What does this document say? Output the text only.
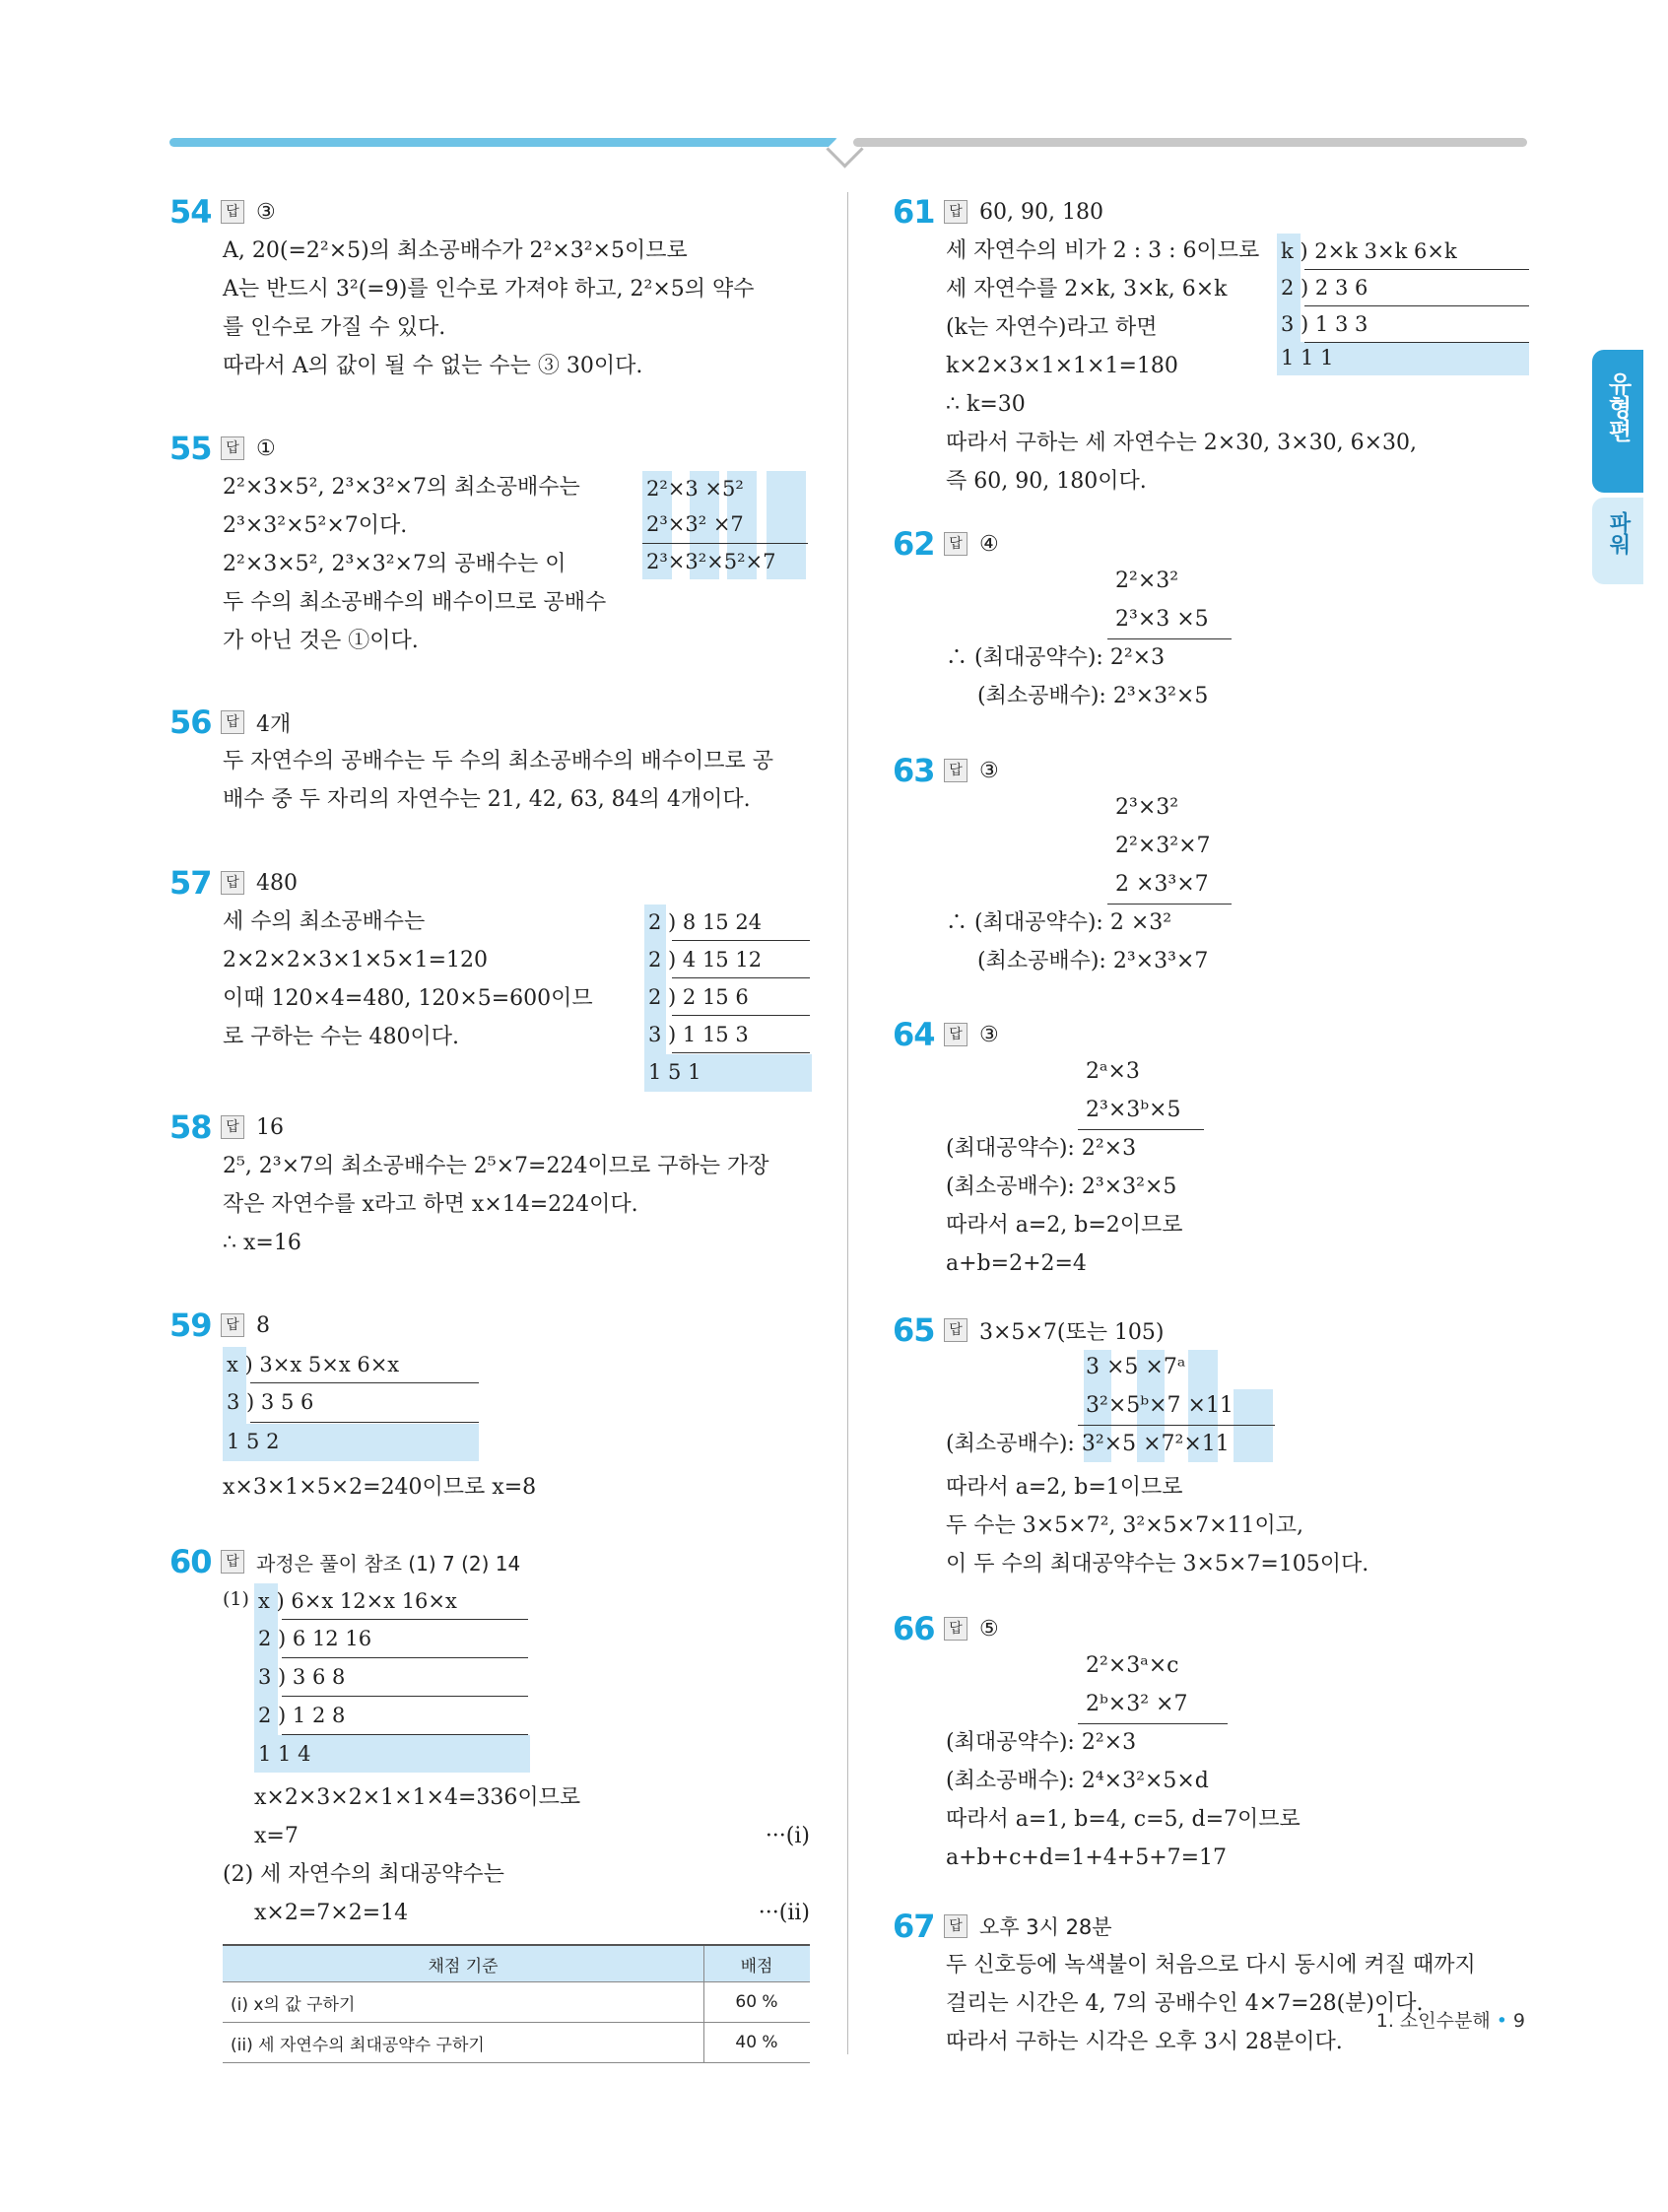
유형편
파워
54	답 ③
A, 20(=2²×5)의 최소공배수가 2²×3²×5이므로
A는 반드시 3²(=9)를 인수로 가져야 하고, 2²×5의 약수
를 인수로 가질 수 있다.
따라서 A의 값이 될 수 없는 수는 ③ 30이다.
55	답 ①
2²×3×5², 2³×3²×7의 최소공배수는
2³×3²×5²×7이다.
2²×3×5², 2³×3²×7의 공배수는 이
두 수의 최소공배수의 배수이므로 공배수
가 아닌 것은 ①이다.
2²×3 ×5²
2³×3² ×7
2³×3²×5²×7
56	답 4개
두 자연수의 공배수는 두 수의 최소공배수의 배수이므로 공
배수 중 두 자리의 자연수는 21, 42, 63, 84의 4개이다.
57	답 480
세 수의 최소공배수는
2×2×2×3×1×5×1=120
이때 120×4=480, 120×5=600이므
로 구하는 수는 480이다.
2 ) 8 15 24
2 ) 4 15 12
2 ) 2 15 6
3 ) 1 15 3
1 5 1
58	답 16
2⁵, 2³×7의 최소공배수는 2⁵×7=224이므로 구하는 가장
작은 자연수를 x라고 하면 x×14=224이다.
∴ x=16
59	답 8
x ) 3×x 5×x 6×x
3 ) 3 5 6
1 5 2
x×3×1×5×2=240이므로 x=8
60	답 과정은 풀이 참조 (1) 7 (2) 14
(1) x ) 6×x 12×x 16×x
2 ) 6 12 16
3 ) 3 6 8
2 ) 1 2 8
1 1 4
x×2×3×2×1×1×4=336이므로
x=7	···(i)
(2) 세 자연수의 최대공약수는
x×2=7×2=14	···(ii)
채점 기준	배점
(i) x의 값 구하기	60 %
(ii) 세 자연수의 최대공약수 구하기	40 %
61	답 60, 90, 180
세 자연수의 비가 2 : 3 : 6이므로
세 자연수를 2×k, 3×k, 6×k
(k는 자연수)라고 하면
k×2×3×1×1×1=180
∴ k=30
따라서 구하는 세 자연수는 2×30, 3×30, 6×30,
즉 60, 90, 180이다.
k ) 2×k 3×k 6×k
2 ) 2 3 6
3 ) 1 3 3
1 1 1
62	답 ④
2²×3²
2³×3 ×5
∴ (최대공약수): 2²×3
(최소공배수): 2³×3²×5
63	답 ③
2³×3²
2²×3²×7
2 ×3³×7
∴ (최대공약수): 2 ×3²
(최소공배수): 2³×3³×7
64	답 ③
2ᵃ×3
2³×3ᵇ×5
(최대공약수): 2²×3
(최소공배수): 2³×3²×5
따라서 a=2, b=2이므로
a+b=2+2=4
65	답 3×5×7(또는 105)
3 ×5 ×7ᵃ
3²×5ᵇ×7 ×11
(최소공배수): 3²×5 ×7²×11
따라서 a=2, b=1이므로
두 수는 3×5×7², 3²×5×7×11이고,
이 두 수의 최대공약수는 3×5×7=105이다.
66	답 ⑤
2²×3ᵃ×c
2ᵇ×3² ×7
(최대공약수): 2²×3
(최소공배수): 2⁴×3²×5×d
따라서 a=1, b=4, c=5, d=7이므로
a+b+c+d=1+4+5+7=17
67	답 오후 3시 28분
두 신호등에 녹색불이 처음으로 다시 동시에 켜질 때까지
걸리는 시간은 4, 7의 공배수인 4×7=28(분)이다.
따라서 구하는 시각은 오후 3시 28분이다.
1. 소인수분해 • 9
